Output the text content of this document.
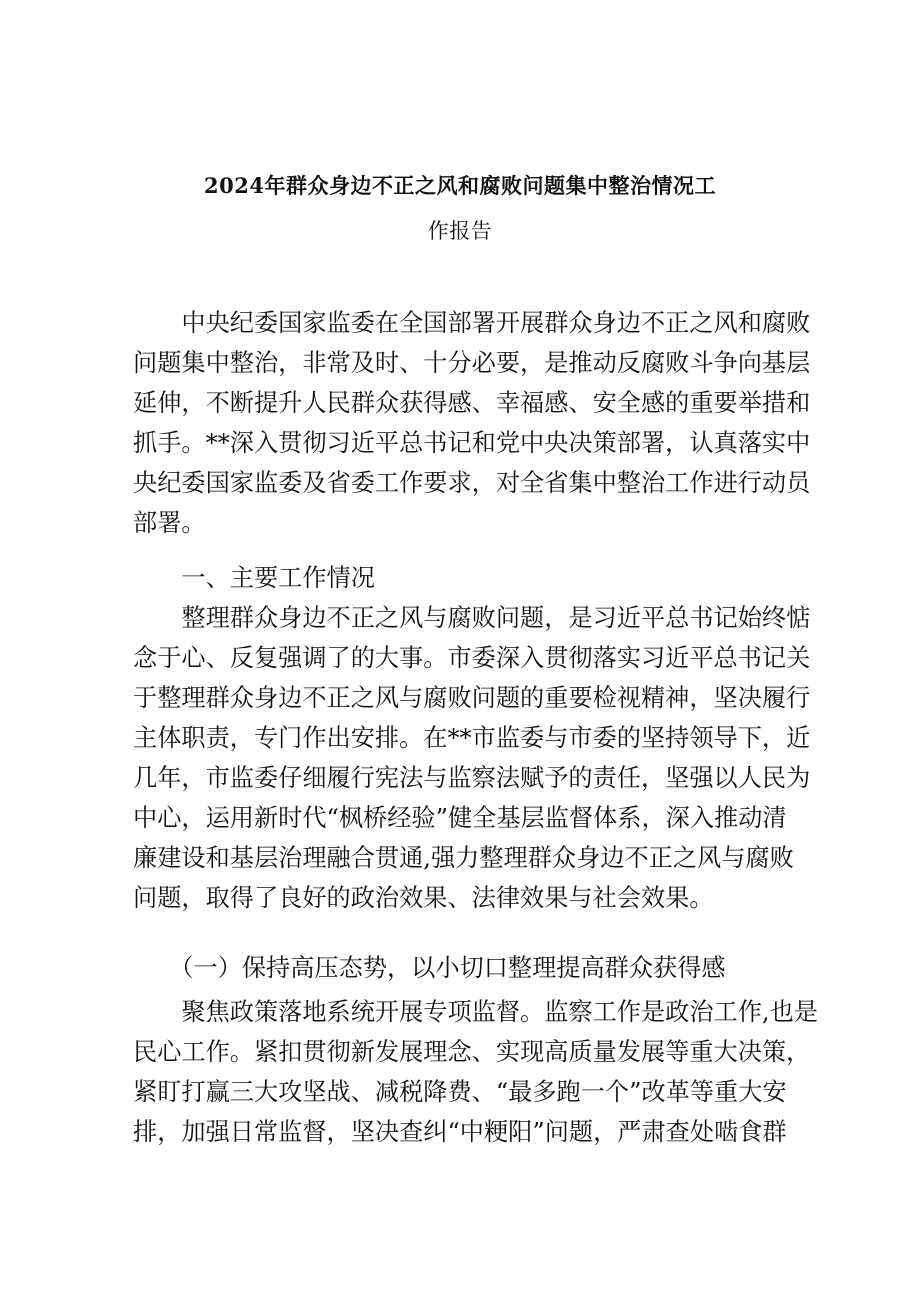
2024年群众身边不正之风和腐败问题集中整治情况工
作报告
　　中央纪委国家监委在全国部署开展群众身边不正之风和腐败
问题集中整治，非常及时、十分必要，是推动反腐败斗争向基层
延伸，不断提升人民群众获得感、幸福感、安全感的重要举措和
抓手。**深入贯彻习近平总书记和党中央决策部署，认真落实中
央纪委国家监委及省委工作要求，对全省集中整治工作进行动员
部署。
　　一、主要工作情况
　　整理群众身边不正之风与腐败问题，是习近平总书记始终惦
念于心、反复强调了的大事。市委深入贯彻落实习近平总书记关
于整理群众身边不正之风与腐败问题的重要检视精神，坚决履行
主体职责，专门作出安排。在**市监委与市委的坚持领导下，近
几年，市监委仔细履行宪法与监察法赋予的责任，坚强以人民为
中心，运用新时代“枫桥经验”健全基层监督体系，深入推动清
廉建设和基层治理融合贯通,强力整理群众身边不正之风与腐败
问题，取得了良好的政治效果、法律效果与社会效果。
　　（一）保持高压态势，以小切口整理提高群众获得感
　　聚焦政策落地系统开展专项监督。监察工作是政治工作,也是
民心工作。紧扣贯彻新发展理念、实现高质量发展等重大决策，
紧盯打赢三大攻坚战、减税降费、“最多跑一个”改革等重大安
排，加强日常监督，坚决查纠“中粳阳”问题，严肃查处啮食群
